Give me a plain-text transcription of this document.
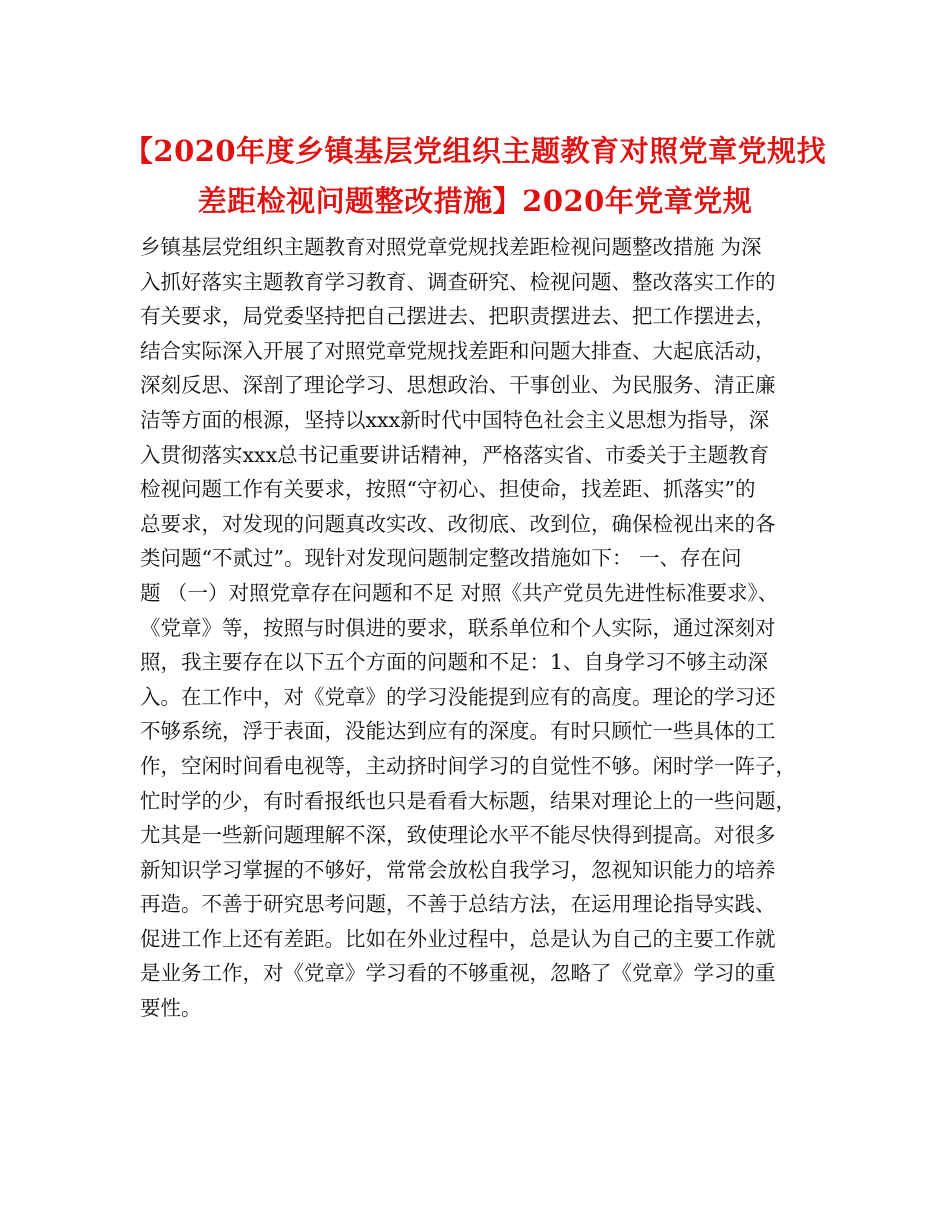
【2020年度乡镇基层党组织主题教育对照党章党规找
差距检视问题整改措施】2020年党章党规
乡镇基层党组织主题教育对照党章党规找差距检视问题整改措施 为深
入抓好落实主题教育学习教育、调查研究、检视问题、整改落实工作的
有关要求，局党委坚持把自己摆进去、把职责摆进去、把工作摆进去，
结合实际深入开展了对照党章党规找差距和问题大排查、大起底活动，
深刻反思、深剖了理论学习、思想政治、干事创业、为民服务、清正廉
洁等方面的根源，坚持以xxx新时代中国特色社会主义思想为指导，深
入贯彻落实xxx总书记重要讲话精神，严格落实省、市委关于主题教育
检视问题工作有关要求，按照“守初心、担使命，找差距、抓落实”的
总要求，对发现的问题真改实改、改彻底、改到位，确保检视出来的各
类问题“不贰过”。现针对发现问题制定整改措施如下： 一、存在问
题 （一）对照党章存在问题和不足 对照《共产党员先进性标准要求》、
《党章》等，按照与时俱进的要求，联系单位和个人实际，通过深刻对
照，我主要存在以下五个方面的问题和不足：1、自身学习不够主动深
入。在工作中，对《党章》的学习没能提到应有的高度。理论的学习还
不够系统，浮于表面，没能达到应有的深度。有时只顾忙一些具体的工
作，空闲时间看电视等，主动挤时间学习的自觉性不够。闲时学一阵子，
忙时学的少，有时看报纸也只是看看大标题，结果对理论上的一些问题，
尤其是一些新问题理解不深，致使理论水平不能尽快得到提高。对很多
新知识学习掌握的不够好，常常会放松自我学习，忽视知识能力的培养
再造。不善于研究思考问题，不善于总结方法，在运用理论指导实践、
促进工作上还有差距。比如在外业过程中，总是认为自己的主要工作就
是业务工作，对《党章》学习看的不够重视，忽略了《党章》学习的重
要性。
